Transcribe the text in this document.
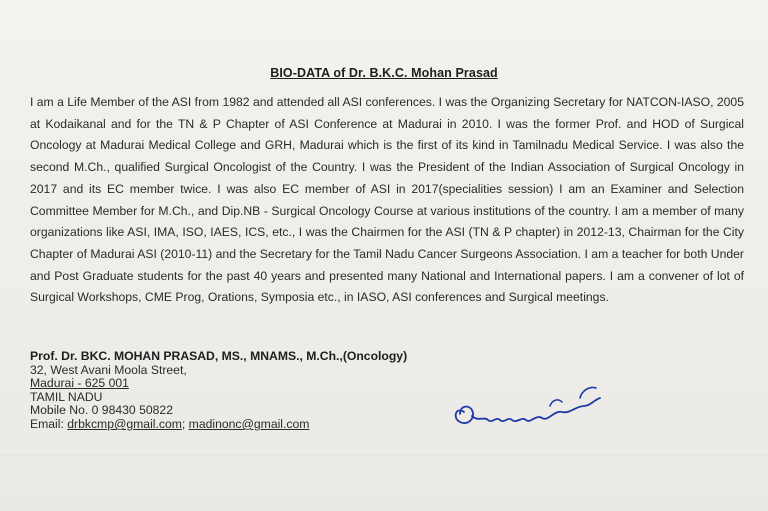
BIO-DATA of Dr. B.K.C. Mohan Prasad
I am a Life Member of the ASI from 1982 and attended all ASI conferences. I was the Organizing Secretary for NATCON-IASO, 2005 at Kodaikanal and for the TN & P Chapter of ASI Conference at Madurai in 2010. I was the former Prof. and HOD of Surgical Oncology at Madurai Medical College and GRH, Madurai which is the first of its kind in Tamilnadu Medical Service. I was also the second M.Ch., qualified Surgical Oncologist of the Country. I was the President of the Indian Association of Surgical Oncology in 2017 and its EC member twice. I was also EC member of ASI in 2017(specialities session) I am an Examiner and Selection Committee Member for M.Ch., and Dip.NB - Surgical Oncology Course at various institutions of the country. I am a member of many organizations like ASI, IMA, ISO, IAES, ICS, etc., I was the Chairmen for the ASI (TN & P chapter) in 2012-13, Chairman for the City Chapter of Madurai ASI (2010-11) and the Secretary for the Tamil Nadu Cancer Surgeons Association. I am a teacher for both Under and Post Graduate students for the past 40 years and presented many National and International papers. I am a convener of lot of Surgical Workshops, CME Prog, Orations, Symposia etc., in IASO, ASI conferences and Surgical meetings.
Prof. Dr. BKC. MOHAN PRASAD, MS., MNAMS., M.Ch.,(Oncology)
32, West Avani Moola Street,
Madurai - 625 001
TAMIL NADU
Mobile No. 0 98430 50822
Email: drbkcmp@gmail.com; madinonc@gmail.com
